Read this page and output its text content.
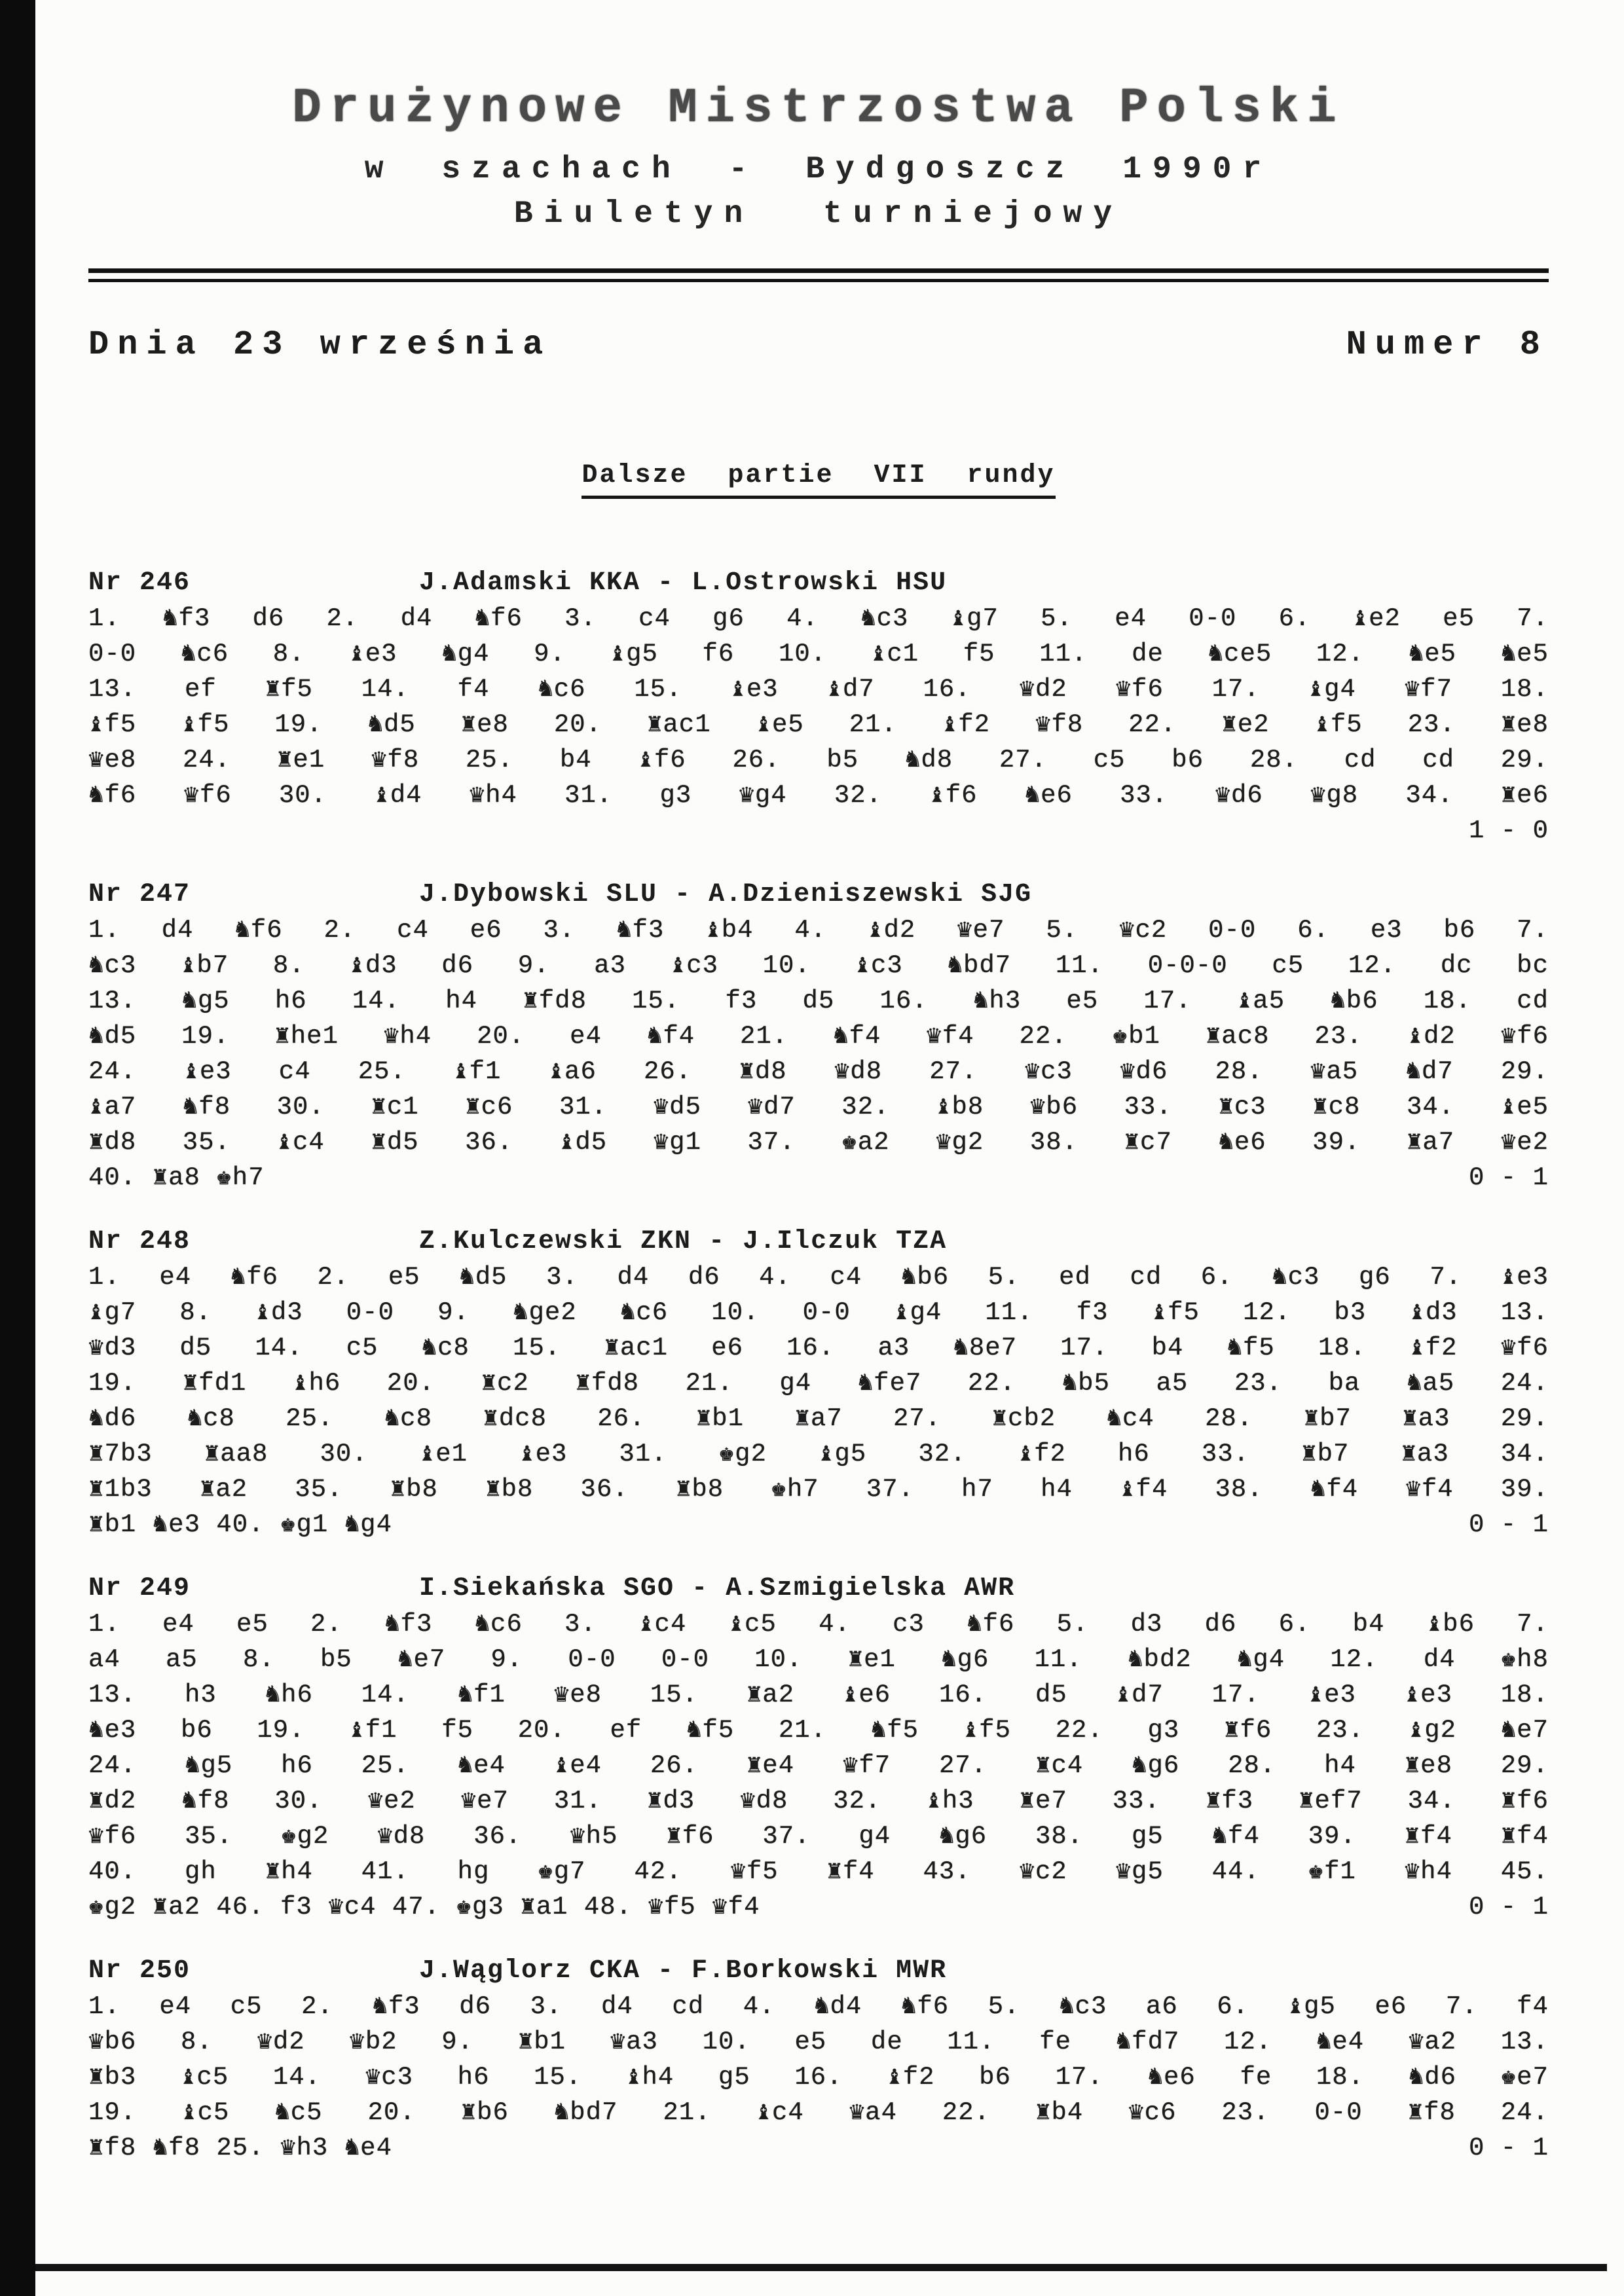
Drużynowe Mistrzostwa Polski
w szachach - Bydgoszcz 1990r
Biuletyn turniejowy
Dnia 23 września	Numer 8
Dalsze partie VII rundy
Nr 246	J.Adamski KKA - L.Ostrowski HSU
1. ♞f3 d6 2. d4 ♞f6 3. c4 g6 4. ♞c3 ♝g7 5. e4 0-0 6. ♝e2 e5 7.
0-0 ♞c6 8. ♝e3 ♞g4 9. ♝g5 f6 10. ♝c1 f5 11. de ♞ce5 12. ♞e5 ♞e5
13. ef ♜f5 14. f4 ♞c6 15. ♝e3 ♝d7 16. ♛d2 ♛f6 17. ♝g4 ♛f7 18.
♝f5 ♝f5 19. ♞d5 ♜e8 20. ♜ac1 ♝e5 21. ♝f2 ♛f8 22. ♜e2 ♝f5 23. ♜e8
♛e8 24. ♜e1 ♛f8 25. b4 ♝f6 26. b5 ♞d8 27. c5 b6 28. cd cd 29.
♞f6 ♛f6 30. ♝d4 ♛h4 31. g3 ♛g4 32. ♝f6 ♞e6 33. ♛d6 ♛g8 34. ♜e6
1 - 0
Nr 247	J.Dybowski SLU - A.Dzieniszewski SJG
1. d4 ♞f6 2. c4 e6 3. ♞f3 ♝b4 4. ♝d2 ♛e7 5. ♛c2 0-0 6. e3 b6 7.
♞c3 ♝b7 8. ♝d3 d6 9. a3 ♝c3 10. ♝c3 ♞bd7 11. 0-0-0 c5 12. dc bc
13. ♞g5 h6 14. h4 ♜fd8 15. f3 d5 16. ♞h3 e5 17. ♝a5 ♞b6 18. cd
♞d5 19. ♜he1 ♛h4 20. e4 ♞f4 21. ♞f4 ♛f4 22. ♚b1 ♜ac8 23. ♝d2 ♛f6
24. ♝e3 c4 25. ♝f1 ♝a6 26. ♜d8 ♛d8 27. ♛c3 ♛d6 28. ♛a5 ♞d7 29.
♝a7 ♞f8 30. ♜c1 ♜c6 31. ♛d5 ♛d7 32. ♝b8 ♛b6 33. ♜c3 ♜c8 34. ♝e5
♜d8 35. ♝c4 ♜d5 36. ♝d5 ♛g1 37. ♚a2 ♛g2 38. ♜c7 ♞e6 39. ♜a7 ♛e2
40. ♜a8 ♚h7	0 - 1
Nr 248	Z.Kulczewski ZKN - J.Ilczuk TZA
1. e4 ♞f6 2. e5 ♞d5 3. d4 d6 4. c4 ♞b6 5. ed cd 6. ♞c3 g6 7. ♝e3
♝g7 8. ♝d3 0-0 9. ♞ge2 ♞c6 10. 0-0 ♝g4 11. f3 ♝f5 12. b3 ♝d3 13.
♛d3 d5 14. c5 ♞c8 15. ♜ac1 e6 16. a3 ♞8e7 17. b4 ♞f5 18. ♝f2 ♛f6
19. ♜fd1 ♝h6 20. ♜c2 ♜fd8 21. g4 ♞fe7 22. ♞b5 a5 23. ba ♞a5 24.
♞d6 ♞c8 25. ♞c8 ♜dc8 26. ♜b1 ♜a7 27. ♜cb2 ♞c4 28. ♜b7 ♜a3 29.
♜7b3 ♜aa8 30. ♝e1 ♝e3 31. ♚g2 ♝g5 32. ♝f2 h6 33. ♜b7 ♜a3 34.
♜1b3 ♜a2 35. ♜b8 ♜b8 36. ♜b8 ♚h7 37. h7 h4 ♝f4 38. ♞f4 ♛f4 39.
♜b1 ♞e3 40. ♚g1 ♞g4	0 - 1
Nr 249	I.Siekańska SGO - A.Szmigielska AWR
1. e4 e5 2. ♞f3 ♞c6 3. ♝c4 ♝c5 4. c3 ♞f6 5. d3 d6 6. b4 ♝b6 7.
a4 a5 8. b5 ♞e7 9. 0-0 0-0 10. ♜e1 ♞g6 11. ♞bd2 ♞g4 12. d4 ♚h8
13. h3 ♞h6 14. ♞f1 ♛e8 15. ♜a2 ♝e6 16. d5 ♝d7 17. ♝e3 ♝e3 18.
♞e3 b6 19. ♝f1 f5 20. ef ♞f5 21. ♞f5 ♝f5 22. g3 ♜f6 23. ♝g2 ♞e7
24. ♞g5 h6 25. ♞e4 ♝e4 26. ♜e4 ♛f7 27. ♜c4 ♞g6 28. h4 ♜e8 29.
♜d2 ♞f8 30. ♛e2 ♛e7 31. ♜d3 ♛d8 32. ♝h3 ♜e7 33. ♜f3 ♜ef7 34. ♜f6
♛f6 35. ♚g2 ♛d8 36. ♛h5 ♜f6 37. g4 ♞g6 38. g5 ♞f4 39. ♜f4 ♜f4
40. gh ♜h4 41. hg ♚g7 42. ♛f5 ♜f4 43. ♛c2 ♛g5 44. ♚f1 ♛h4 45.
♚g2 ♜a2 46. f3 ♛c4 47. ♚g3 ♜a1 48. ♛f5 ♛f4	0 - 1
Nr 250	J.Wąglorz CKA - F.Borkowski MWR
1. e4 c5 2. ♞f3 d6 3. d4 cd 4. ♞d4 ♞f6 5. ♞c3 a6 6. ♝g5 e6 7. f4
♛b6 8. ♛d2 ♛b2 9. ♜b1 ♛a3 10. e5 de 11. fe ♞fd7 12. ♞e4 ♛a2 13.
♜b3 ♝c5 14. ♛c3 h6 15. ♝h4 g5 16. ♝f2 b6 17. ♞e6 fe 18. ♞d6 ♚e7
19. ♝c5 ♞c5 20. ♜b6 ♞bd7 21. ♝c4 ♛a4 22. ♜b4 ♛c6 23. 0-0 ♜f8 24.
♜f8 ♞f8 25. ♛h3 ♞e4	0 - 1
